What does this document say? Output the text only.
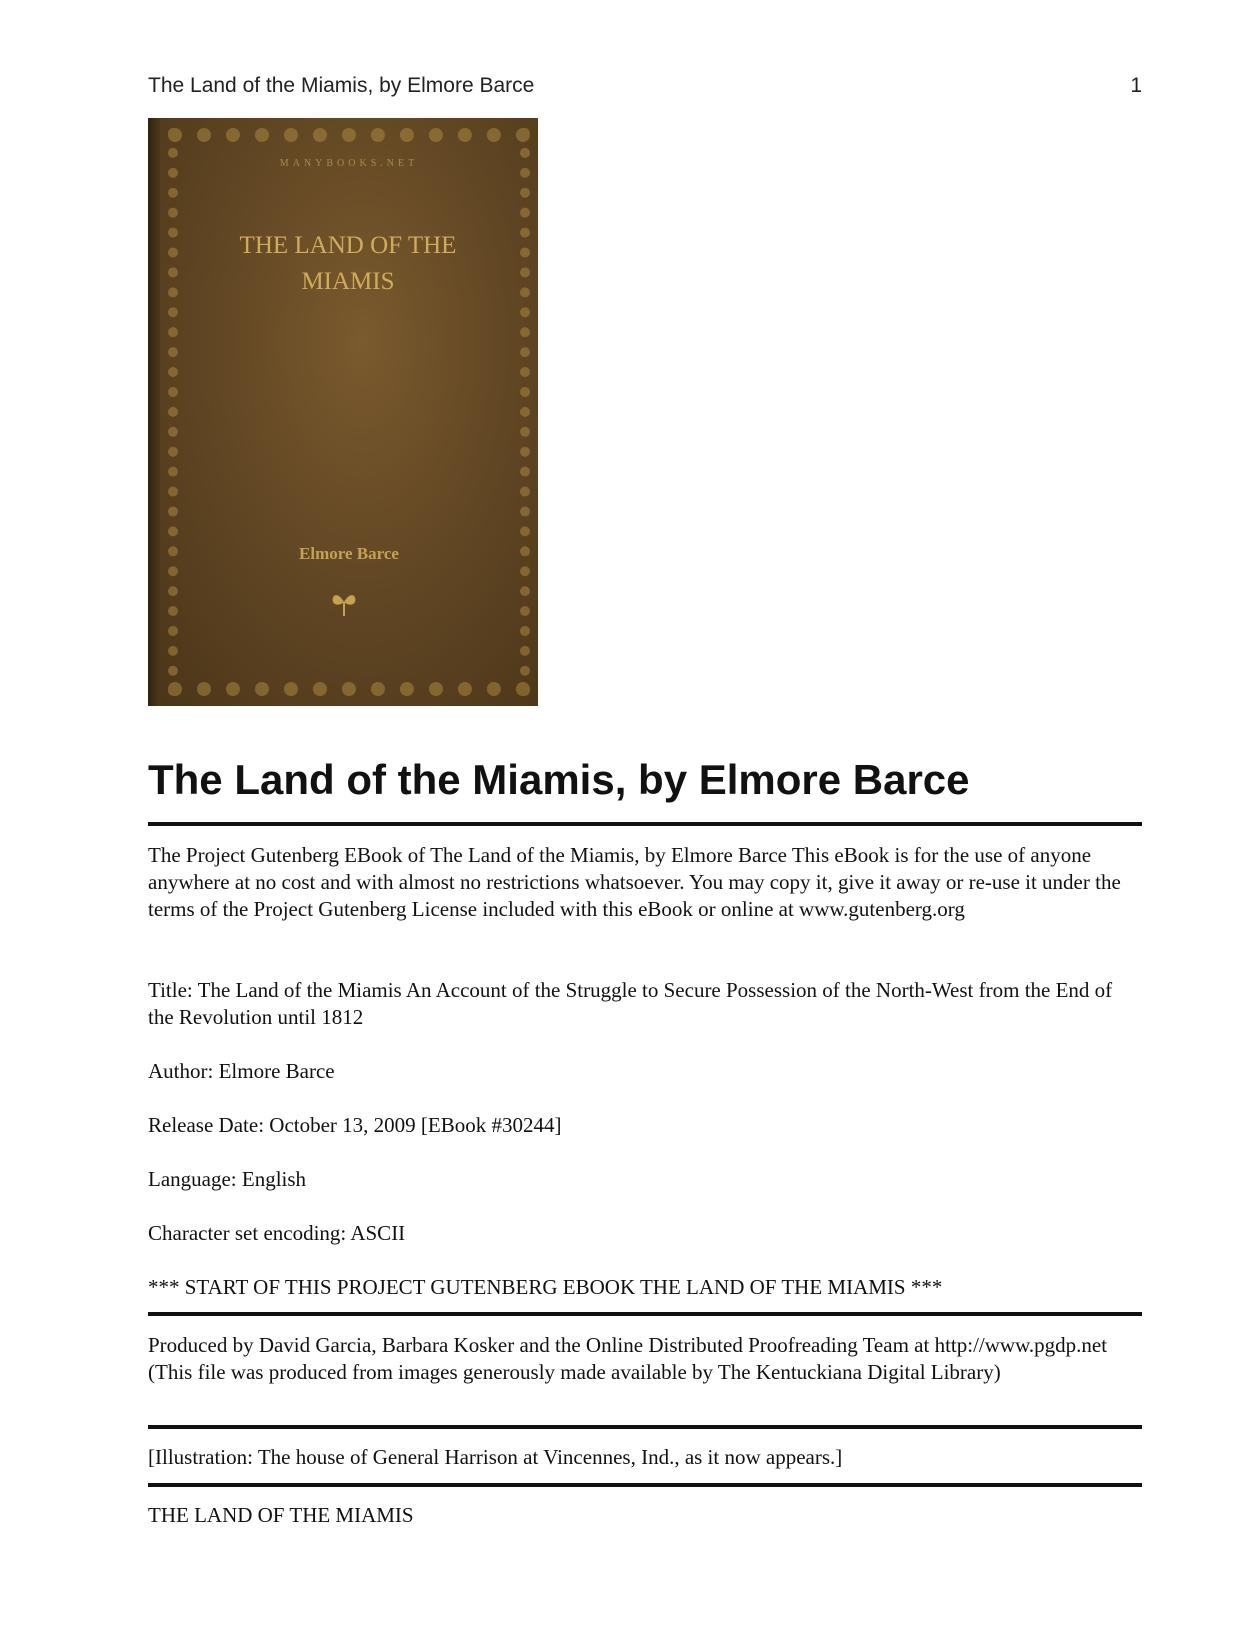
The Land of the Miamis, by Elmore Barce	1
MANYBOOKS.NET
THE LAND OF THE
MIAMIS
Elmore Barce
The Land of the Miamis, by Elmore Barce

The Project Gutenberg EBook of The Land of the Miamis, by Elmore Barce This eBook is for the use of anyone anywhere at no cost and with almost no restrictions whatsoever. You may copy it, give it away or re-use it under the terms of the Project Gutenberg License included with this eBook or online at www.gutenberg.org

Title: The Land of the Miamis An Account of the Struggle to Secure Possession of the North-West from the End of the Revolution until 1812

Author: Elmore Barce

Release Date: October 13, 2009 [EBook #30244]

Language: English

Character set encoding: ASCII

*** START OF THIS PROJECT GUTENBERG EBOOK THE LAND OF THE MIAMIS ***

Produced by David Garcia, Barbara Kosker and the Online Distributed Proofreading Team at http://www.pgdp.net (This file was produced from images generously made available by The Kentuckiana Digital Library)

[Illustration: The house of General Harrison at Vincennes, Ind., as it now appears.]

THE LAND OF THE MIAMIS
